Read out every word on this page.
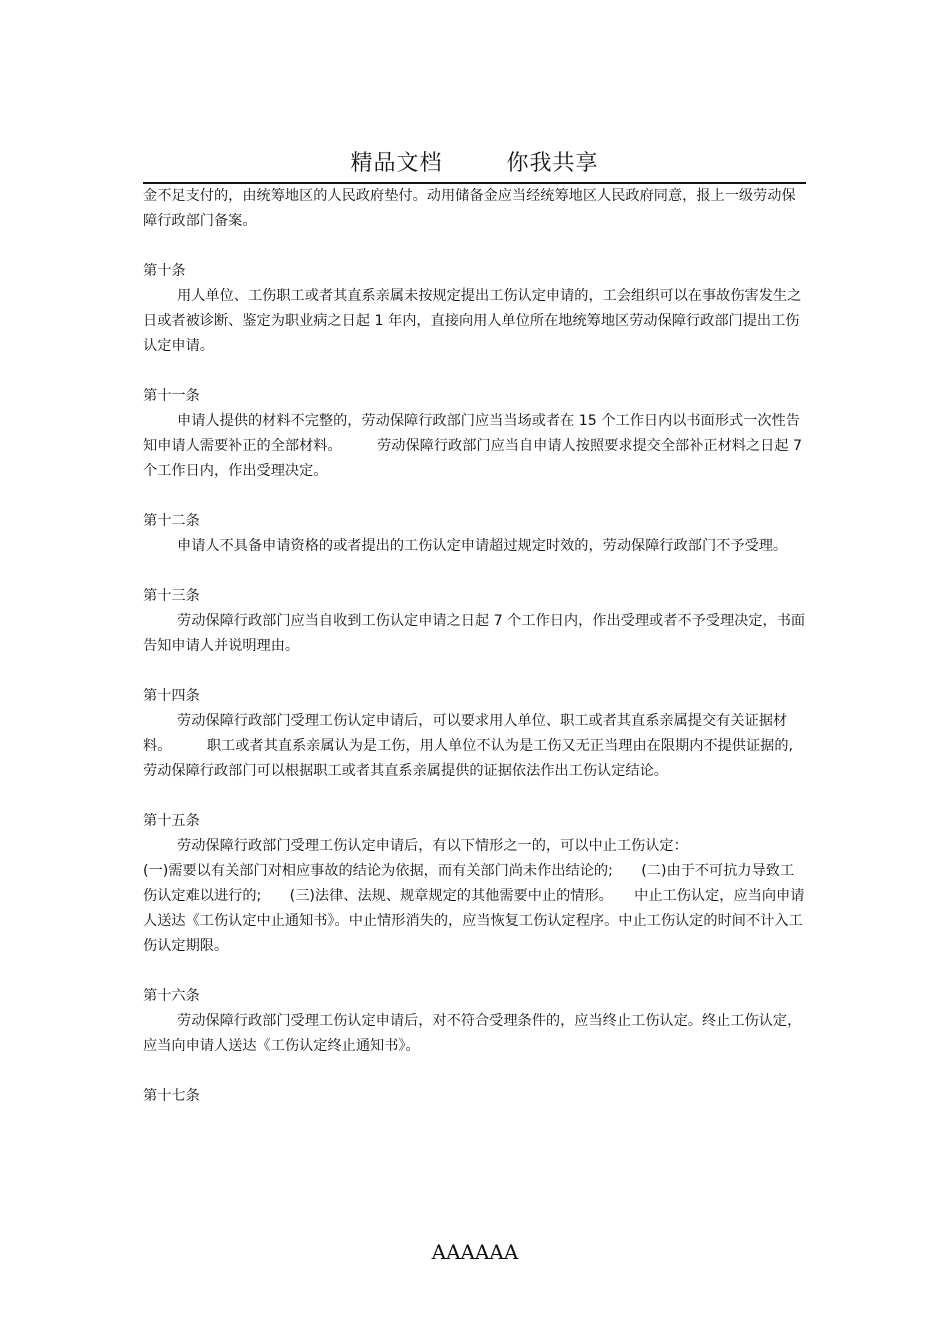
精品文档        你我共享

金不足支付的，由统筹地区的人民政府垫付。动用储备金应当经统筹地区人民政府同意，报上一级劳动保障行政部门备案。

第十条

用人单位、工伤职工或者其直系亲属未按规定提出工伤认定申请的，工会组织可以在事故伤害发生之日或者被诊断、鉴定为职业病之日起 1 年内，直接向用人单位所在地统筹地区劳动保障行政部门提出工伤认定申请。

第十一条

申请人提供的材料不完整的，劳动保障行政部门应当当场或者在 15 个工作日内以书面形式一次性告知申请人需要补正的全部材料。　　　劳动保障行政部门应当自申请人按照要求提交全部补正材料之日起 7 个工作日内，作出受理决定。

第十二条

申请人不具备申请资格的或者提出的工伤认定申请超过规定时效的，劳动保障行政部门不予受理。

第十三条

劳动保障行政部门应当自收到工伤认定申请之日起 7 个工作日内，作出受理或者不予受理决定，书面告知申请人并说明理由。

第十四条

劳动保障行政部门受理工伤认定申请后，可以要求用人单位、职工或者其直系亲属提交有关证据材料。　　　职工或者其直系亲属认为是工伤，用人单位不认为是工伤又无正当理由在限期内不提供证据的,劳动保障行政部门可以根据职工或者其直系亲属提供的证据依法作出工伤认定结论。

第十五条

劳动保障行政部门受理工伤认定申请后，有以下情形之一的，可以中止工伤认定：

(一)需要以有关部门对相应事故的结论为依据，而有关部门尚未作出结论的;　　(二)由于不可抗力导致工伤认定难以进行的;　　(三)法律、法规、规章规定的其他需要中止的情形。　　中止工伤认定，应当向申请人送达《工伤认定中止通知书》。中止情形消失的，应当恢复工伤认定程序。中止工伤认定的时间不计入工伤认定期限。

第十六条

劳动保障行政部门受理工伤认定申请后，对不符合受理条件的，应当终止工伤认定。终止工伤认定，应当向申请人送达《工伤认定终止通知书》。

第十七条

AAAAAA
